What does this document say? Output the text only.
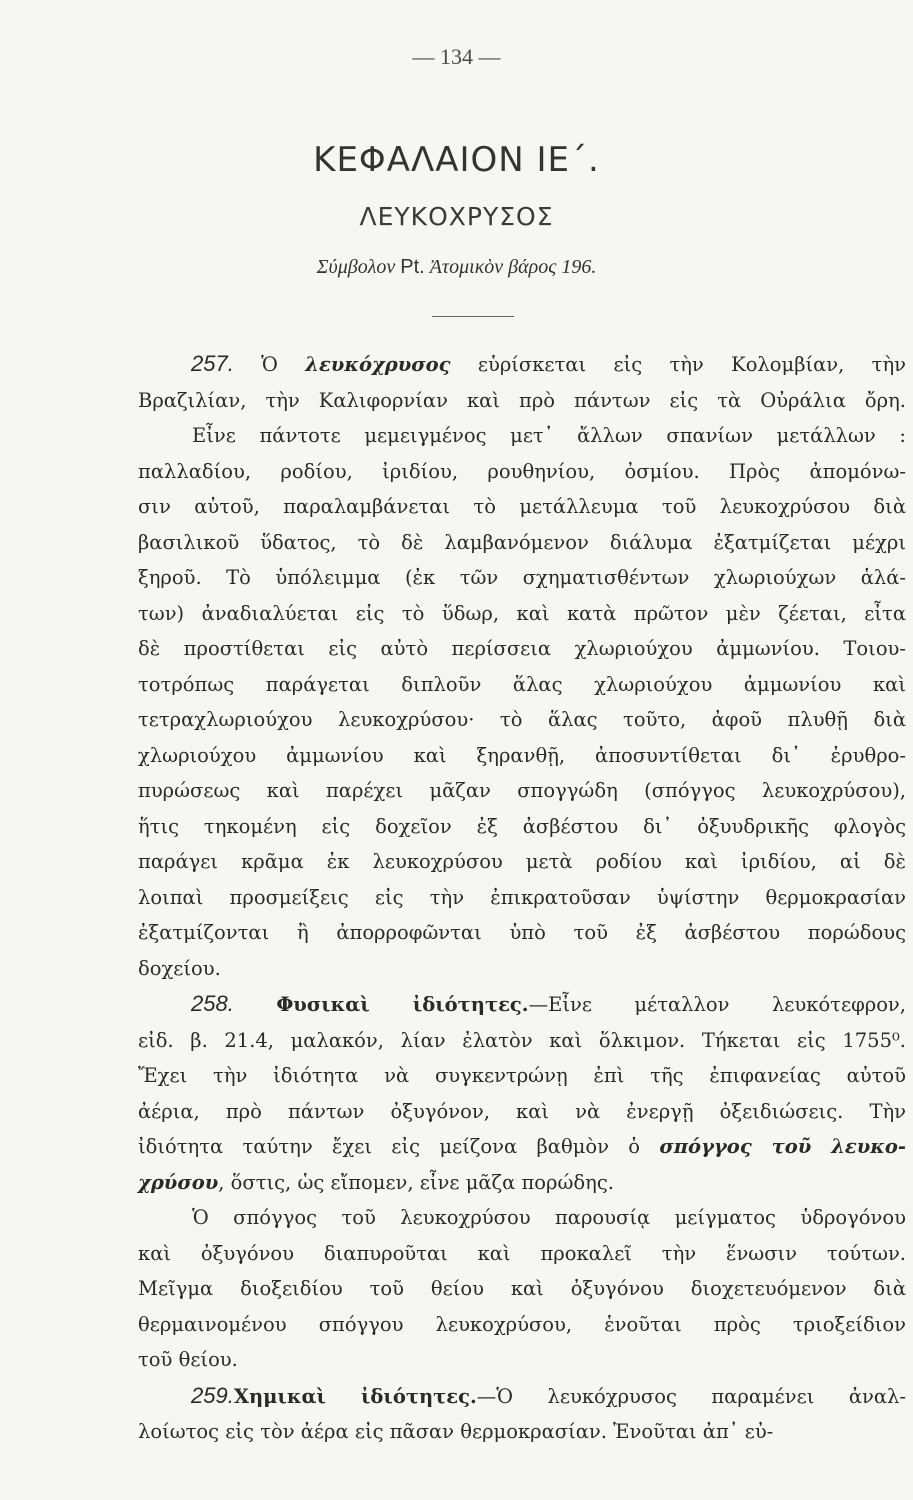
— 134 —
ΚΕΦΑΛΑΙΟΝ ΙΕ΄.
ΛΕΥΚΟΧΡΥΣΟΣ
Σύμβολον Pt. Ἀτομικὸν βάρος 196.
257. Ὁ λευκόχρυσος εὑρίσκεται εἰς τὴν Κολομβίαν, τὴν
Βραζιλίαν, τὴν Καλιφορνίαν καὶ πρὸ πάντων εἰς τὰ Οὐράλια ὄρη.
Εἶνε πάντοτε μεμειγμένος μετ᾿ ἄλλων σπανίων μετάλλων :
παλλαδίου, ροδίου, ἰριδίου, ρουθηνίου, ὀσμίου. Πρὸς ἀπομόνω-
σιν αὐτοῦ, παραλαμβάνεται τὸ μετάλλευμα τοῦ λευκοχρύσου διὰ
βασιλικοῦ ὕδατος, τὸ δὲ λαμβανόμενον διάλυμα ἐξατμίζεται μέχρι
ξηροῦ. Τὸ ὑπόλειμμα (ἐκ τῶν σχηματισθέντων χλωριούχων ἁλά-
των) ἀναδιαλύεται εἰς τὸ ὕδωρ, καὶ κατὰ πρῶτον μὲν ζέεται, εἶτα
δὲ προστίθεται εἰς αὐτὸ περίσσεια χλωριούχου ἀμμωνίου. Τοιου-
τοτρόπως παράγεται διπλοῦν ἅλας χλωριούχου ἀμμωνίου καὶ
τετραχλωριούχου λευκοχρύσου· τὸ ἅλας τοῦτο, ἀφοῦ πλυθῇ διὰ
χλωριούχου ἀμμωνίου καὶ ξηρανθῇ, ἀποσυντίθεται δι᾿ ἐρυθρο-
πυρώσεως καὶ παρέχει μᾶζαν σπογγώδη (σπόγγος λευκοχρύσου),
ἥτις τηκομένη εἰς δοχεῖον ἐξ ἀσβέστου δι᾿ ὀξυυδρικῆς φλογὸς
παράγει κρᾶμα ἐκ λευκοχρύσου μετὰ ροδίου καὶ ἰριδίου, αἱ δὲ
λοιπαὶ προσμείξεις εἰς τὴν ἐπικρατοῦσαν ὑψίστην θερμοκρασίαν
ἐξατμίζονται ἢ ἀπορροφῶνται ὑπὸ τοῦ ἐξ ἀσβέστου πορώδους
δοχείου.
258. Φυσικαὶ ἰδιότητες.—Εἶνε μέταλλον λευκότεφρον,
εἰδ. β. 21.4, μαλακόν, λίαν ἐλατὸν καὶ ὅλκιμον. Τήκεται εἰς 1755⁰.
Ἔχει τὴν ἰδιότητα νὰ συγκεντρώνῃ ἐπὶ τῆς ἐπιφανείας αὐτοῦ
ἀέρια, πρὸ πάντων ὀξυγόνον, καὶ νὰ ἐνεργῇ ὀξειδιώσεις. Τὴν
ἰδιότητα ταύτην ἔχει εἰς μείζονα βαθμὸν ὁ σπόγγος τοῦ λευκο-
χρύσου, ὅστις, ὡς εἴπομεν, εἶνε μᾶζα πορώδης.
Ὁ σπόγγος τοῦ λευκοχρύσου παρουσίᾳ μείγματος ὑδρογόνου
καὶ ὀξυγόνου διαπυροῦται καὶ προκαλεῖ τὴν ἕνωσιν τούτων.
Μεῖγμα διοξειδίου τοῦ θείου καὶ ὀξυγόνου διοχετευόμενον διὰ
θερμαινομένου σπόγγου λευκοχρύσου, ἑνοῦται πρὸς τριοξείδιον
τοῦ θείου.
259.Χημικαὶ ἰδιότητες.—Ὁ λευκόχρυσος παραμένει ἀναλ-
λοίωτος εἰς τὸν ἀέρα εἰς πᾶσαν θερμοκρασίαν. Ἑνοῦται ἀπ᾿ εὐ-
